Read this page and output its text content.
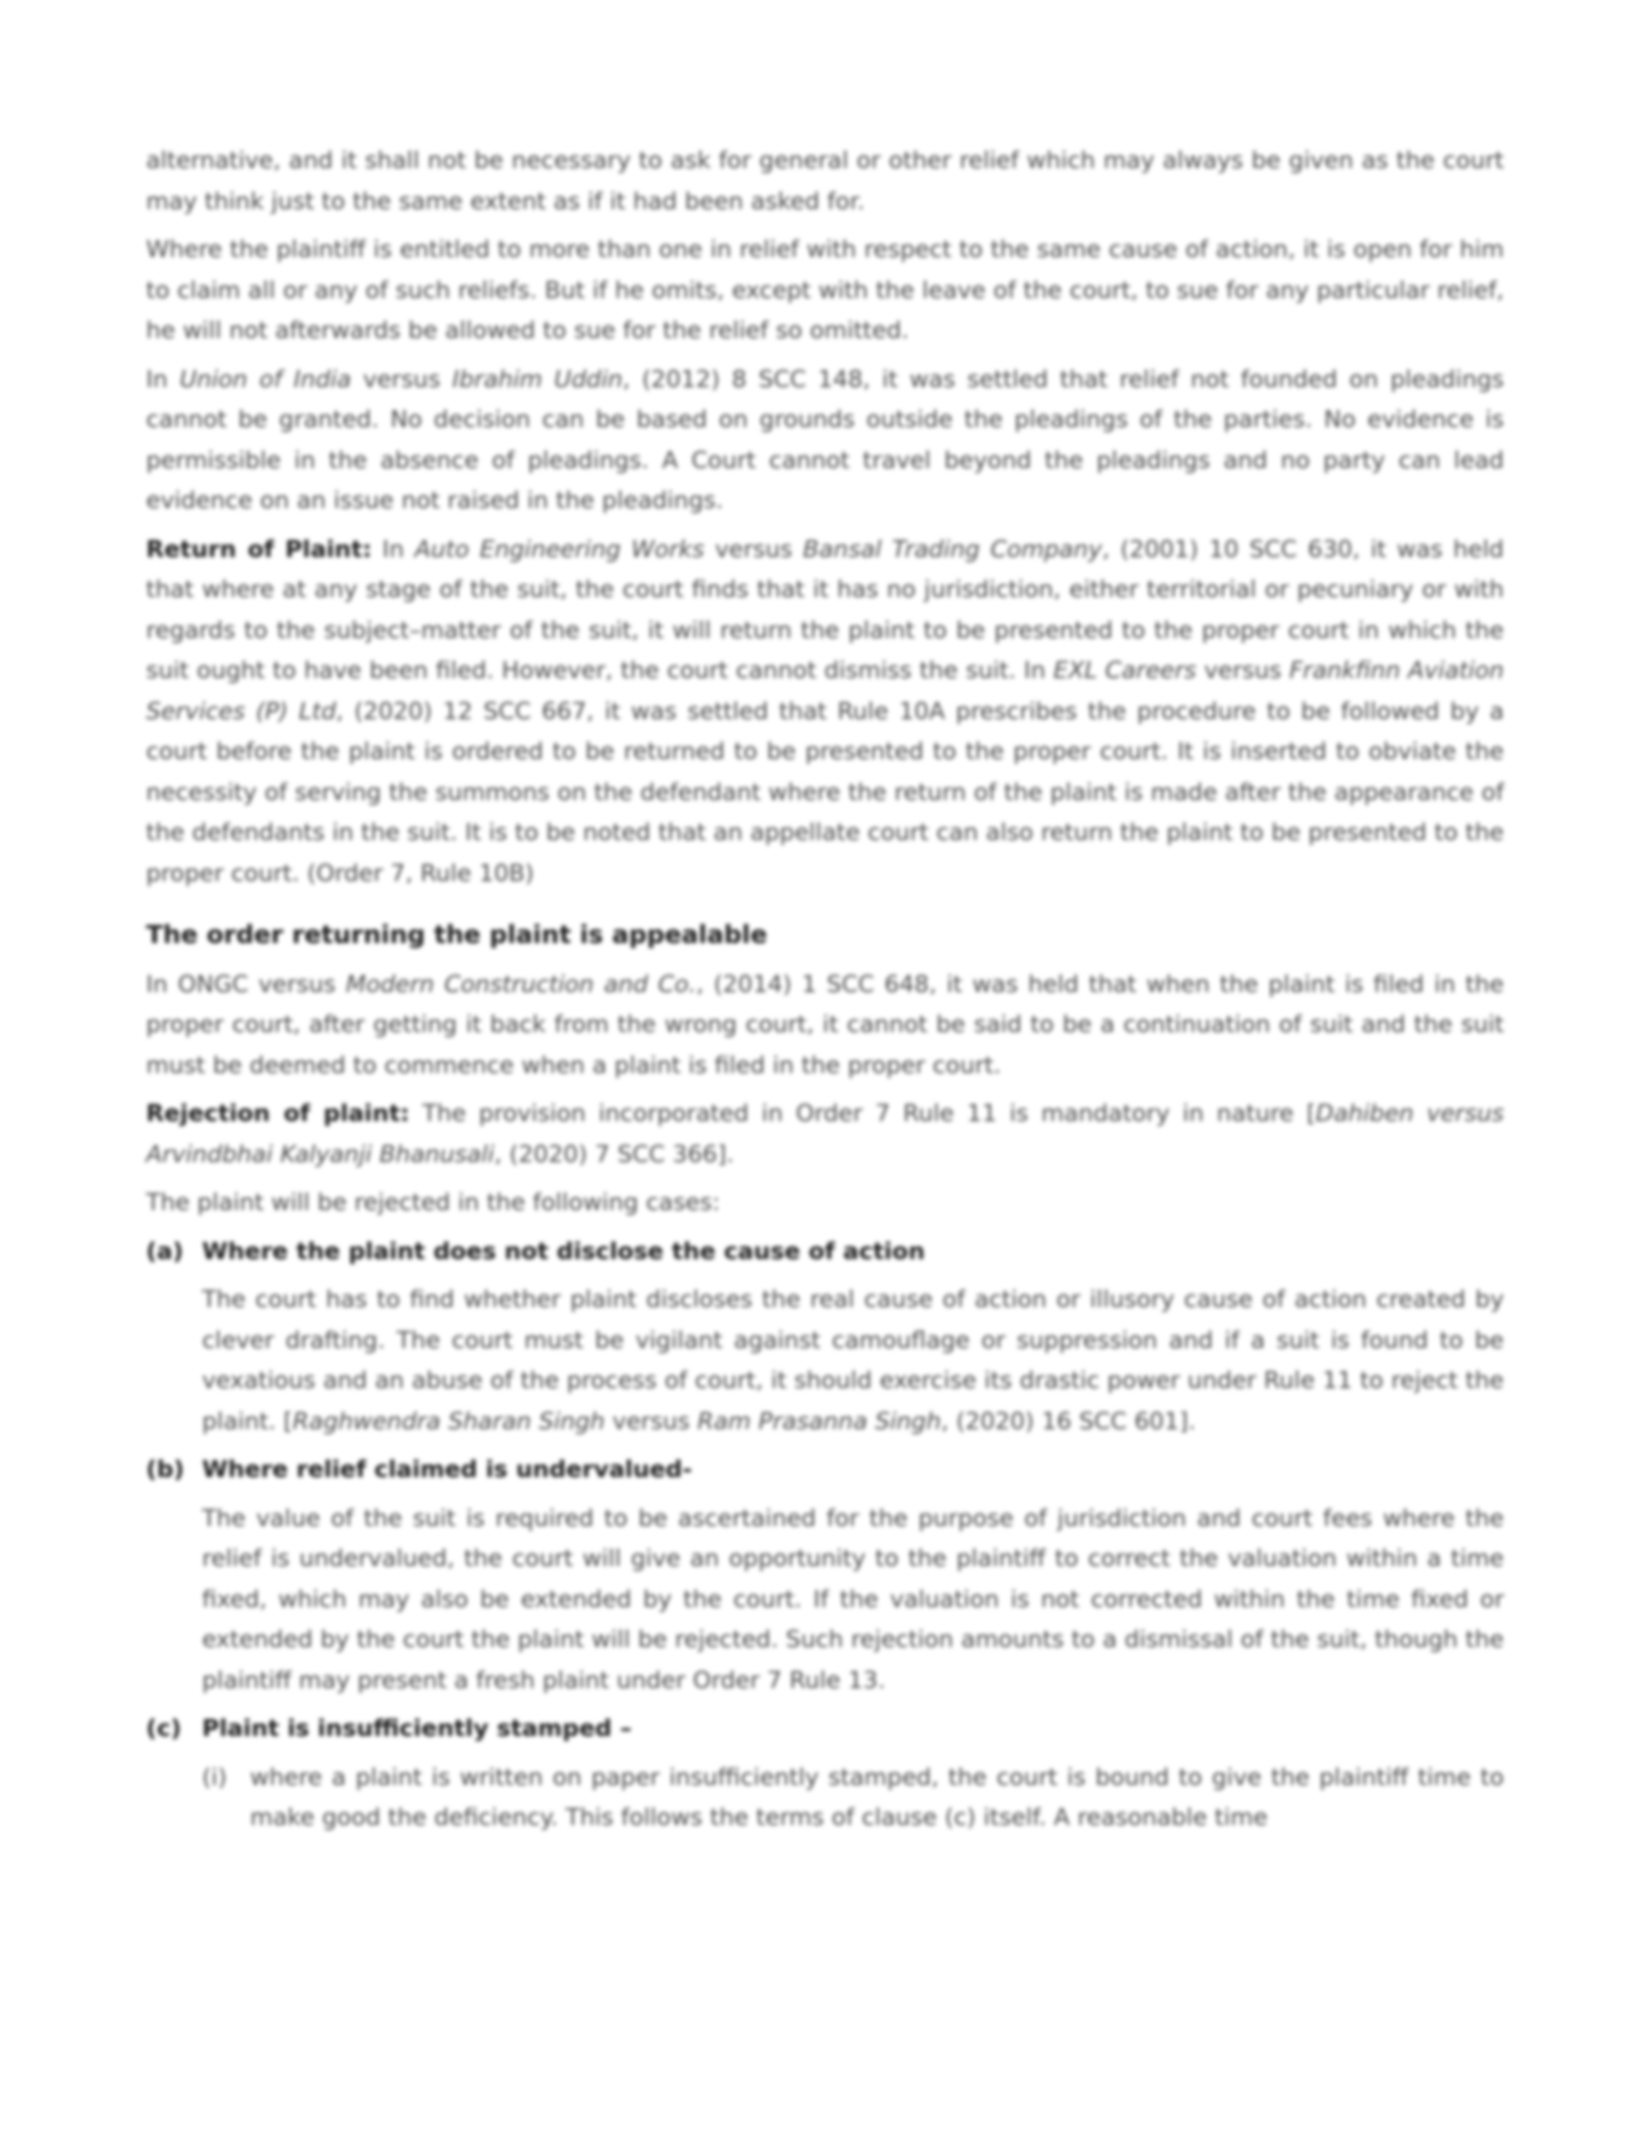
alternative, and it shall not be necessary to ask for general or other relief which may always be given as the court may think just to the same extent as if it had been asked for.

Where the plaintiff is entitled to more than one in relief with respect to the same cause of action, it is open for him to claim all or any of such reliefs. But if he omits, except with the leave of the court, to sue for any particular relief, he will not afterwards be allowed to sue for the relief so omitted.

In Union of India versus Ibrahim Uddin, (2012) 8 SCC 148, it was settled that relief not founded on pleadings cannot be granted. No decision can be based on grounds outside the pleadings of the parties. No evidence is permissible in the absence of pleadings. A Court cannot travel beyond the pleadings and no party can lead evidence on an issue not raised in the pleadings.

Return of Plaint: In Auto Engineering Works versus Bansal Trading Company, (2001) 10 SCC 630, it was held that where at any stage of the suit, the court finds that it has no jurisdiction, either territorial or pecuniary or with regards to the subject–matter of the suit, it will return the plaint to be presented to the proper court in which the suit ought to have been filed. However, the court cannot dismiss the suit. In EXL Careers versus Frankfinn Aviation Services (P) Ltd, (2020) 12 SCC 667, it was settled that Rule 10A prescribes the procedure to be followed by a court before the plaint is ordered to be returned to be presented to the proper court. It is inserted to obviate the necessity of serving the summons on the defendant where the return of the plaint is made after the appearance of the defendants in the suit. It is to be noted that an appellate court can also return the plaint to be presented to the proper court. (Order 7, Rule 10B)

The order returning the plaint is appealable

In ONGC versus Modern Construction and Co., (2014) 1 SCC 648, it was held that when the plaint is filed in the proper court, after getting it back from the wrong court, it cannot be said to be a continuation of suit and the suit must be deemed to commence when a plaint is filed in the proper court.

Rejection of plaint: The provision incorporated in Order 7 Rule 11 is mandatory in nature [Dahiben versus Arvindbhai Kalyanji Bhanusali, (2020) 7 SCC 366].

The plaint will be rejected in the following cases:

(a) Where the plaint does not disclose the cause of action

The court has to find whether plaint discloses the real cause of action or illusory cause of action created by clever drafting. The court must be vigilant against camouflage or suppression and if a suit is found to be vexatious and an abuse of the process of court, it should exercise its drastic power under Rule 11 to reject the plaint. [Raghwendra Sharan Singh versus Ram Prasanna Singh, (2020) 16 SCC 601].

(b) Where relief claimed is undervalued-

The value of the suit is required to be ascertained for the purpose of jurisdiction and court fees where the relief is undervalued, the court will give an opportunity to the plaintiff to correct the valuation within a time fixed, which may also be extended by the court. If the valuation is not corrected within the time fixed or extended by the court the plaint will be rejected. Such rejection amounts to a dismissal of the suit, though the plaintiff may present a fresh plaint under Order 7 Rule 13.

(c) Plaint is insufficiently stamped –
(i) where a plaint is written on paper insufficiently stamped, the court is bound to give the plaintiff time to make good the deficiency. This follows the terms of clause (c) itself. A reasonable time
